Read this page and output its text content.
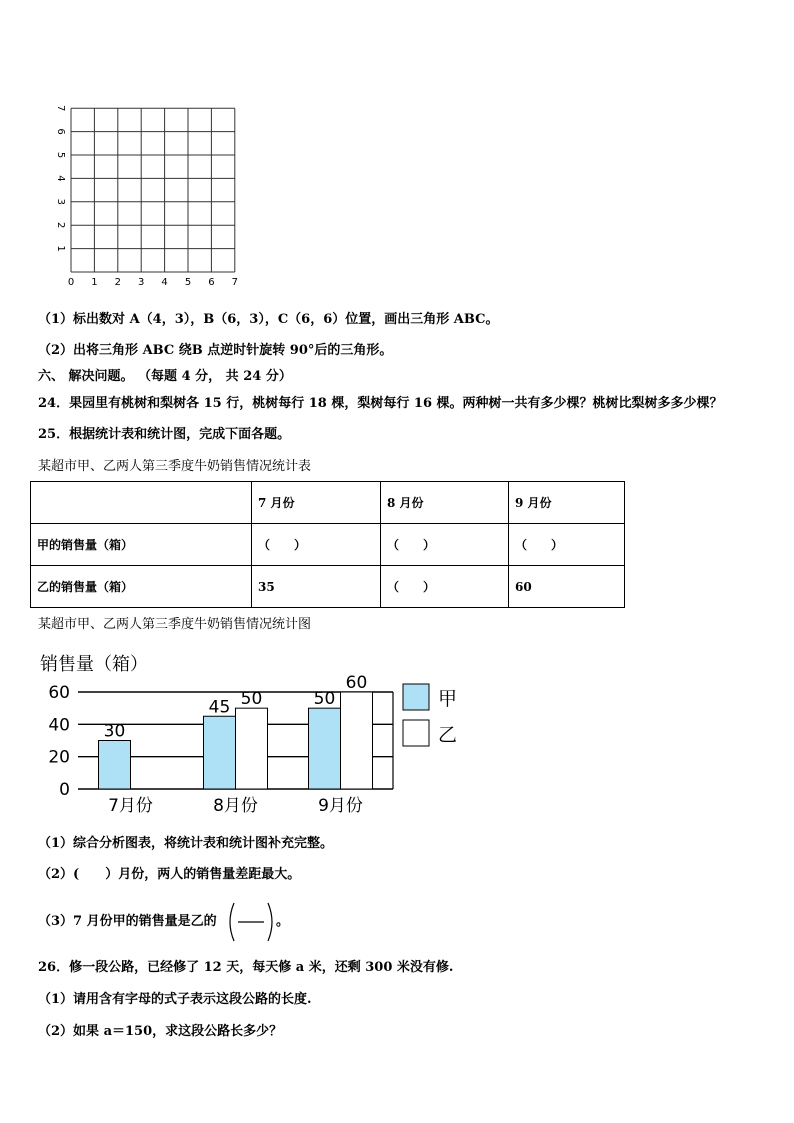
0 1 2 3 4 5 6 7
1
2
3
4
5
6
7
（1）标出数对 A（4，3），B（6，3），C（6，6）位置，画出三角形 ABC。
（2）出将三角形 ABC 绕B 点逆时针旋转 90°后的三角形。
六、 解决问题。 （每题 4 分， 共 24 分）
24．果园里有桃树和梨树各 15 行，桃树每行 18 棵，梨树每行 16 棵。两种树一共有多少棵？桃树比梨树多多少棵？
25．根据统计表和统计图，完成下面各题。
某超市甲、乙两人第三季度牛奶销售情况统计表
	7 月份	8 月份	9 月份
甲的销售量（箱）	（　　）	（　　）	（　　）
乙的销售量（箱）	35	（　　）	60
某超市甲、乙两人第三季度牛奶销售情况统计图
销售量（箱）
0
20
40
60
30
7月份
45 50
8月份
50
60
9月份
甲
乙
（1）综合分析图表，将统计表和统计图补充完整。
（2）(　　）月份，两人的销售量差距最大。
（3）7 月份甲的销售量是乙的	。
26．修一段公路，已经修了 12 天，每天修 a 米，还剩 300 米没有修.
（1）请用含有字母的式子表示这段公路的长度.
（2）如果 a＝150，求这段公路长多少？
